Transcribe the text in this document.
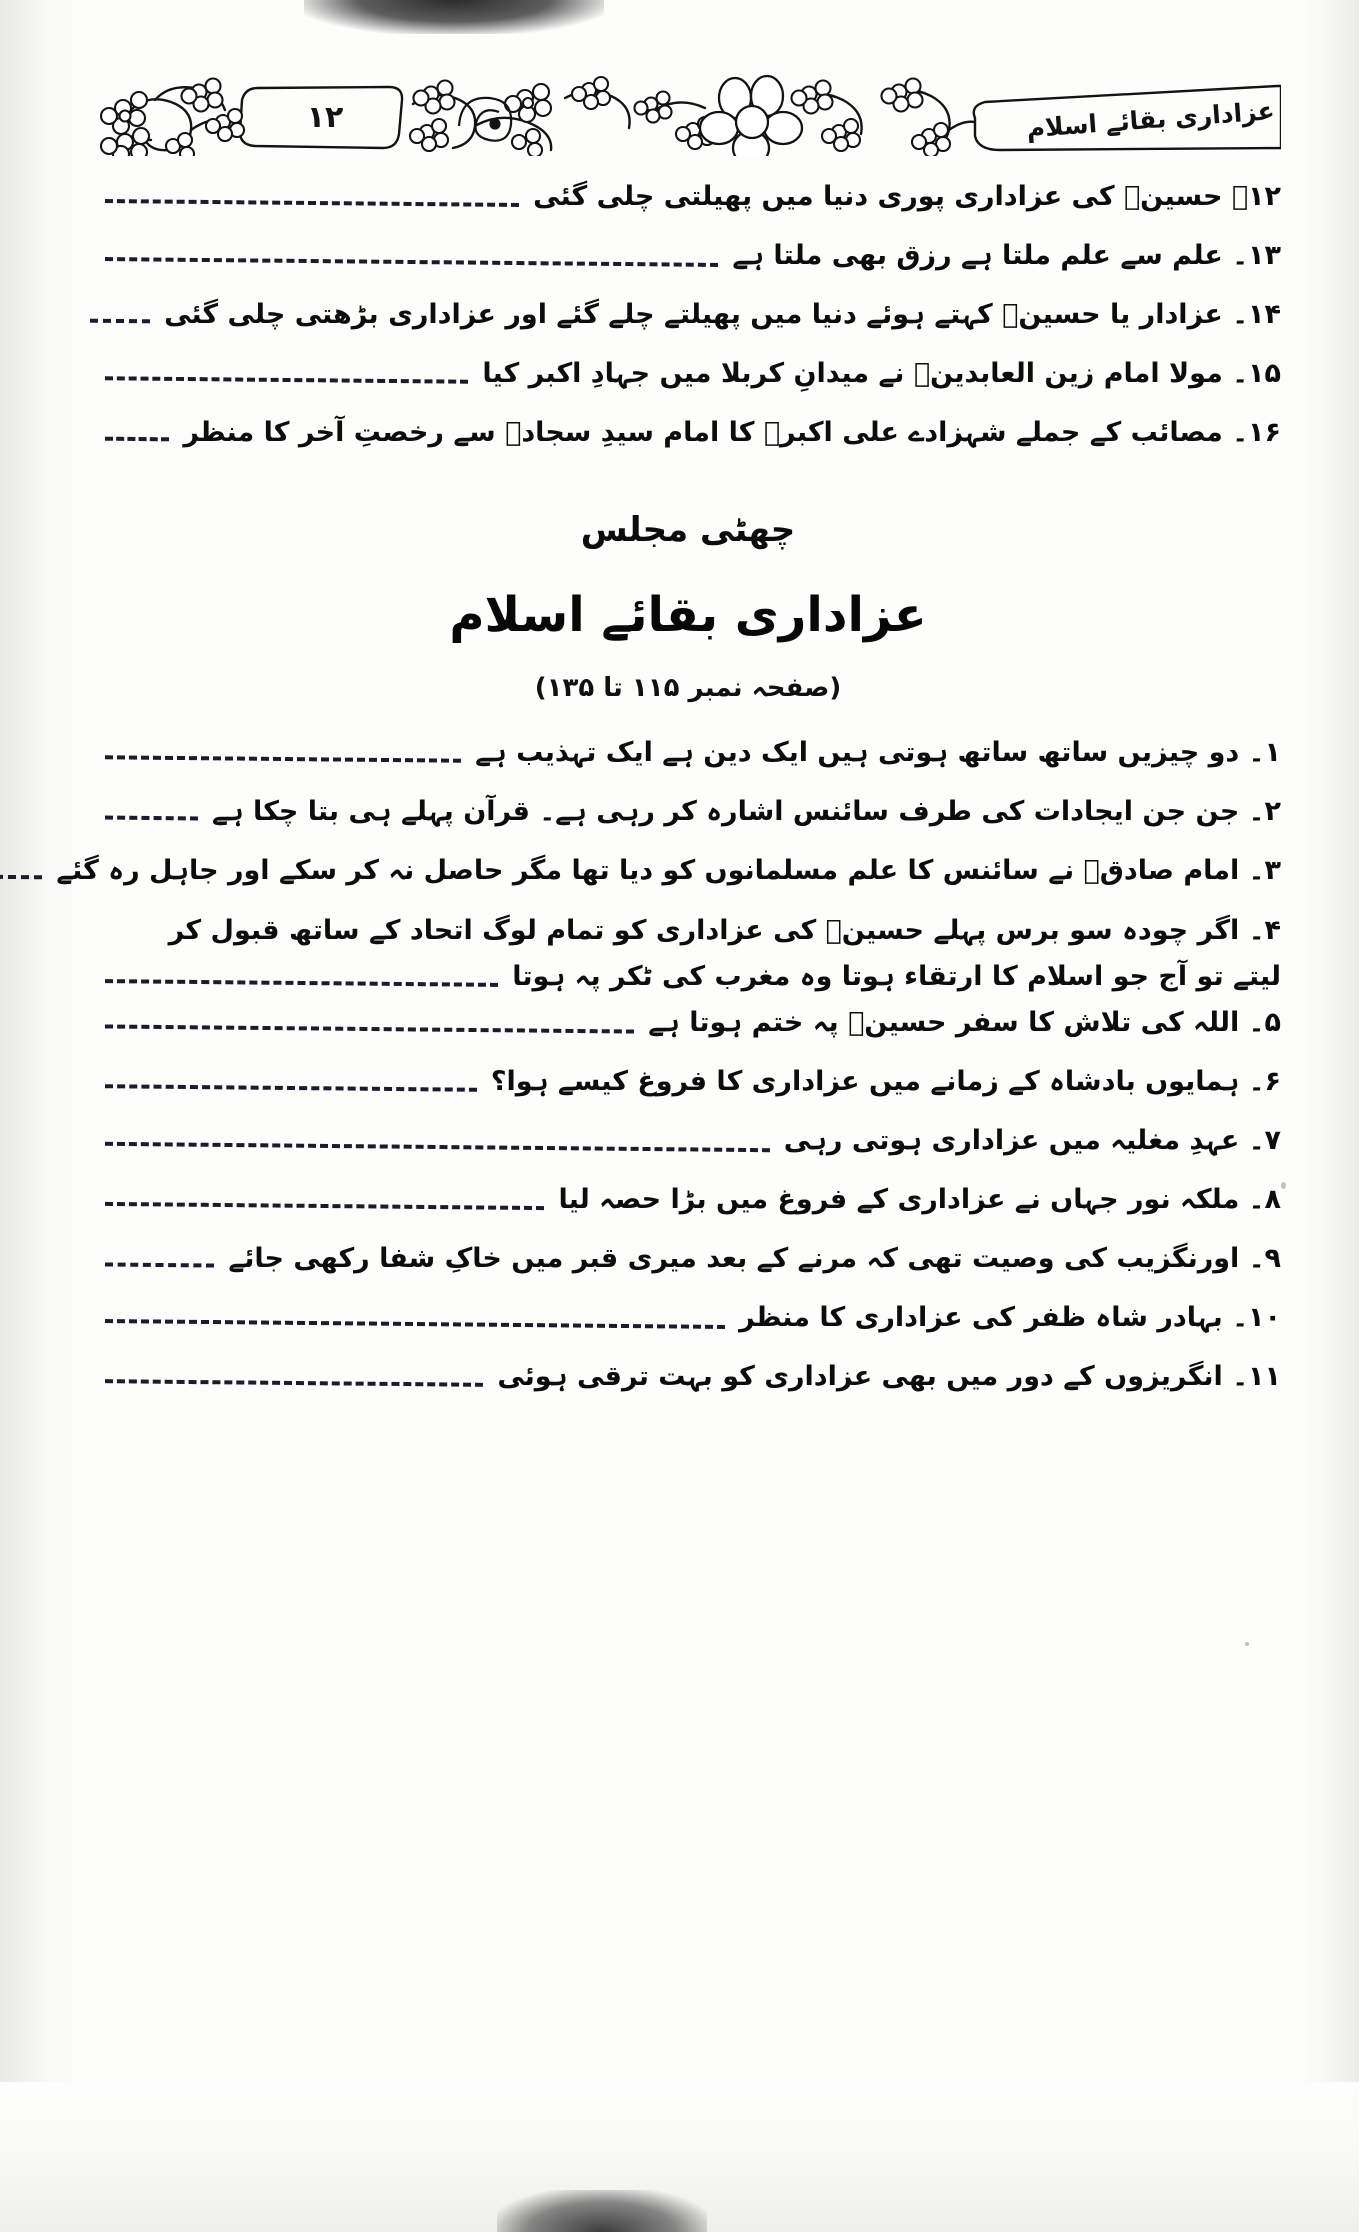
۱۲	عزاداری بقائے اسلام
۱۲۔ حسینؑ کی عزاداری پوری دنیا میں پھیلتی چلی گئی
۱۳۔ علم سے علم ملتا ہے رزق بھی ملتا ہے
۱۴۔ عزادار یا حسینؑ کہتے ہوئے دنیا میں پھیلتے چلے گئے اور عزاداری بڑھتی چلی گئی
۱۵۔ مولا امام زین العابدینؑ نے میدانِ کربلا میں جہادِ اکبر کیا
۱۶۔ مصائب کے جملے شہزادے علی اکبرؑ کا امام سیدِ سجادؑ سے رخصتِ آخر کا منظر
چھٹی مجلس
عزاداری بقائے اسلام
(صفحہ نمبر ۱۱۵ تا ۱۳۵)
۱۔ دو چیزیں ساتھ ساتھ ہوتی ہیں ایک دین ہے ایک تہذیب ہے
۲۔ جن جن ایجادات کی طرف سائنس اشارہ کر رہی ہے۔ قرآن پہلے ہی بتا چکا ہے
۳۔ امام صادقؑ نے سائنس کا علم مسلمانوں کو دیا تھا مگر حاصل نہ کر سکے اور جاہل رہ گئے
۴۔ اگر چودہ سو برس پہلے حسینؑ کی عزاداری کو تمام لوگ اتحاد کے ساتھ قبول کر
لیتے تو آج جو اسلام کا ارتقاء ہوتا وہ مغرب کی ٹکر پہ ہوتا
۵۔ اللہ کی تلاش کا سفر حسینؑ پہ ختم ہوتا ہے
۶۔ ہمایوں بادشاہ کے زمانے میں عزاداری کا فروغ کیسے ہوا؟
۷۔ عہدِ مغلیہ میں عزاداری ہوتی رہی
۸۔ ملکہ نور جہاں نے عزاداری کے فروغ میں بڑا حصہ لیا
۹۔ اورنگزیب کی وصیت تھی کہ مرنے کے بعد میری قبر میں خاکِ شفا رکھی جائے
۱۰۔ بہادر شاہ ظفر کی عزاداری کا منظر
۱۱۔ انگریزوں کے دور میں بھی عزاداری کو بہت ترقی ہوئی
